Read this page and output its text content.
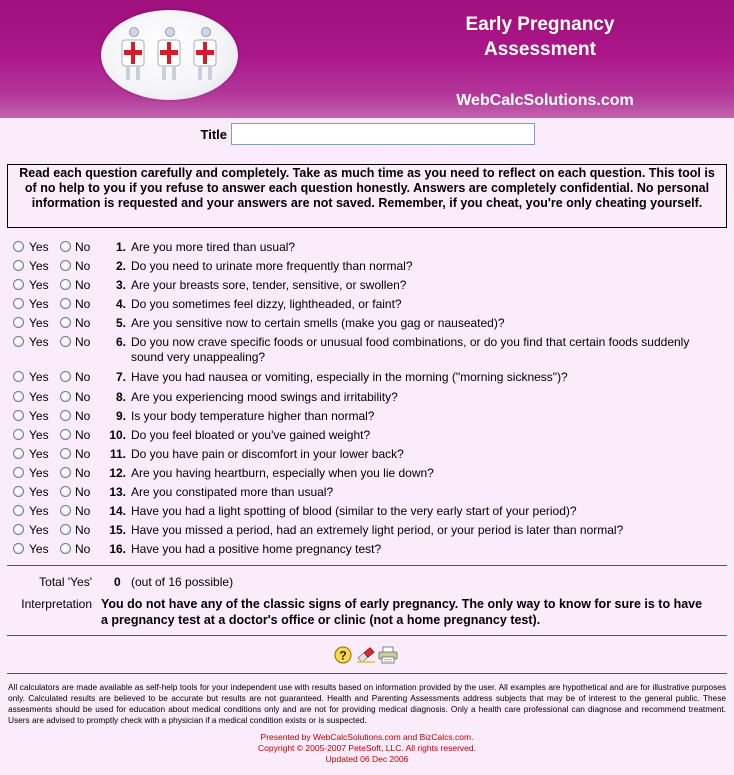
Early Pregnancy
Assessment
WebCalcSolutions.com
Title
Read each question carefully and completely. Take as much time as you need to reflect on each question. This tool is of no help to you if you refuse to answer each question honestly. Answers are completely confidential. No personal information is requested and your answers are not saved. Remember, if you cheat, you're only cheating yourself.
Yes No	1. Are you more tired than usual?
Yes No	2. Do you need to urinate more frequently than normal?
Yes No	3. Are your breasts sore, tender, sensitive, or swollen?
Yes No	4. Do you sometimes feel dizzy, lightheaded, or faint?
Yes No	5. Are you sensitive now to certain smells (make you gag or nauseated)?
Yes No	6. Do you now crave specific foods or unusual food combinations, or do you find that certain foods suddenly sound very unappealing?
Yes No	7. Have you had nausea or vomiting, especially in the morning ("morning sickness")?
Yes No	8. Are you experiencing mood swings and irritability?
Yes No	9. Is your body temperature higher than normal?
Yes No	10. Do you feel bloated or you've gained weight?
Yes No	11. Do you have pain or discomfort in your lower back?
Yes No	12. Are you having heartburn, especially when you lie down?
Yes No	13. Are you constipated more than usual?
Yes No	14. Have you had a light spotting of blood (similar to the very early start of your period)?
Yes No	15. Have you missed a period, had an extremely light period, or your period is later than normal?
Yes No	16. Have you had a positive home pregnancy test?
Total 'Yes' 0 (out of 16 possible)
Interpretation You do not have any of the classic signs of early pregnancy. The only way to know for sure is to have a pregnancy test at a doctor's office or clinic (not a home pregnancy test).
?
All calculators are made available as self-help tools for your independent use with results based on information provided by the user. All examples are hypothetical and are for illustrative purposes only. Calculated results are believed to be accurate but results are not guaranteed. Health and Parenting Assessments address subjects that may be of interest to the general public. These assesments should be used for education about medical conditions only and are not for providing medical diagnosis. Only a health care professional can diagnose and recommend treatment. Users are advised to promptly check with a physician if a medical condition exists or is suspected.
Presented by WebCalcSolutions.com and BizCalcs.com.
Copyright © 2005-2007 PeteSoft, LLC. All rights reserved.
Updated 06 Dec 2006
